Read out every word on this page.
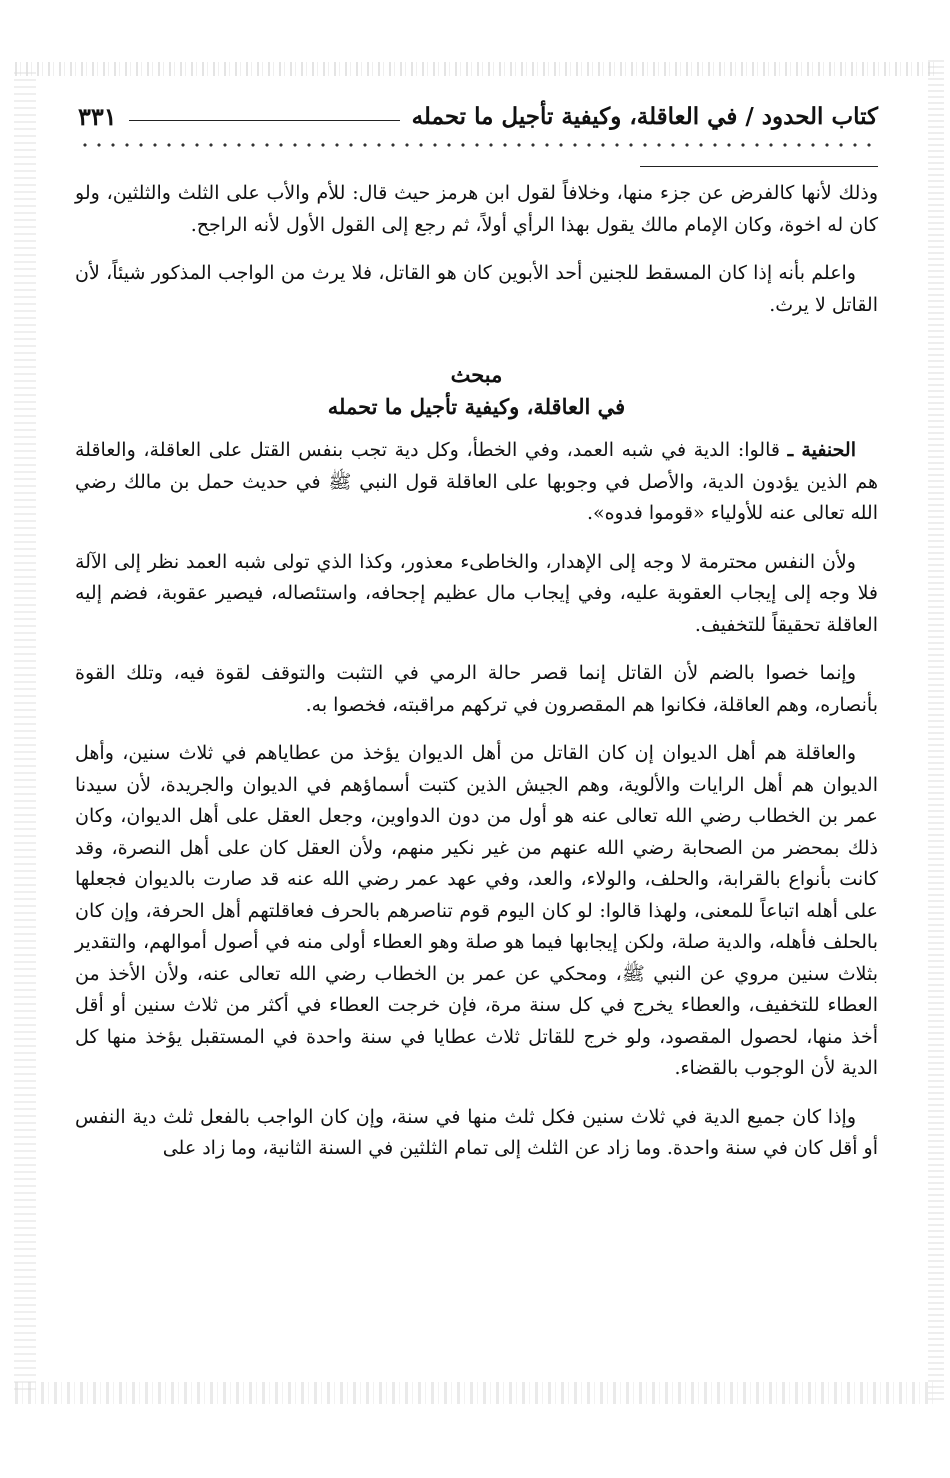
كتاب الحدود / في العاقلة، وكيفية تأجيل ما تحمله
٣٣١

وذلك لأنها كالفرض عن جزء منها، وخلافاً لقول ابن هرمز حيث قال: للأم والأب على الثلث والثلثين، ولو كان له اخوة، وكان الإمام مالك يقول بهذا الرأي أولاً، ثم رجع إلى القول الأول لأنه الراجح.

واعلم بأنه إذا كان المسقط للجنين أحد الأبوين كان هو القاتل، فلا يرث من الواجب المذكور شيئاً، لأن القاتل لا يرث.

مبحث
في العاقلة، وكيفية تأجيل ما تحمله

الحنفية ـ قالوا: الدية في شبه العمد، وفي الخطأ، وكل دية تجب بنفس القتل على العاقلة، والعاقلة هم الذين يؤدون الدية، والأصل في وجوبها على العاقلة قول النبي ﷺ في حديث حمل بن مالك رضي الله تعالى عنه للأولياء «قوموا فدوه».

ولأن النفس محترمة لا وجه إلى الإهدار، والخاطىء معذور، وكذا الذي تولى شبه العمد نظر إلى الآلة فلا وجه إلى إيجاب العقوبة عليه، وفي إيجاب مال عظيم إجحافه، واستئصاله، فيصير عقوبة، فضم إليه العاقلة تحقيقاً للتخفيف.

وإنما خصوا بالضم لأن القاتل إنما قصر حالة الرمي في التثبت والتوقف لقوة فيه، وتلك القوة بأنصاره، وهم العاقلة، فكانوا هم المقصرون في تركهم مراقبته، فخصوا به.

والعاقلة هم أهل الديوان إن كان القاتل من أهل الديوان يؤخذ من عطاياهم في ثلاث سنين، وأهل الديوان هم أهل الرايات والألوية، وهم الجيش الذين كتبت أسماؤهم في الديوان والجريدة، لأن سيدنا عمر بن الخطاب رضي الله تعالى عنه هو أول من دون الدواوين، وجعل العقل على أهل الديوان، وكان ذلك بمحضر من الصحابة رضي الله عنهم من غير نكير منهم، ولأن العقل كان على أهل النصرة، وقد كانت بأنواع بالقرابة، والحلف، والولاء، والعد، وفي عهد عمر رضي الله عنه قد صارت بالديوان فجعلها على أهله اتباعاً للمعنى، ولهذا قالوا: لو كان اليوم قوم تناصرهم بالحرف فعاقلتهم أهل الحرفة، وإن كان بالحلف فأهله، والدية صلة، ولكن إيجابها فيما هو صلة وهو العطاء أولى منه في أصول أموالهم، والتقدير بثلاث سنين مروي عن النبي ﷺ، ومحكي عن عمر بن الخطاب رضي الله تعالى عنه، ولأن الأخذ من العطاء للتخفيف، والعطاء يخرج في كل سنة مرة، فإن خرجت العطاء في أكثر من ثلاث سنين أو أقل أخذ منها، لحصول المقصود، ولو خرج للقاتل ثلاث عطايا في سنة واحدة في المستقبل يؤخذ منها كل الدية لأن الوجوب بالقضاء.

وإذا كان جميع الدية في ثلاث سنين فكل ثلث منها في سنة، وإن كان الواجب بالفعل ثلث دية النفس أو أقل كان في سنة واحدة. وما زاد عن الثلث إلى تمام الثلثين في السنة الثانية، وما زاد على
